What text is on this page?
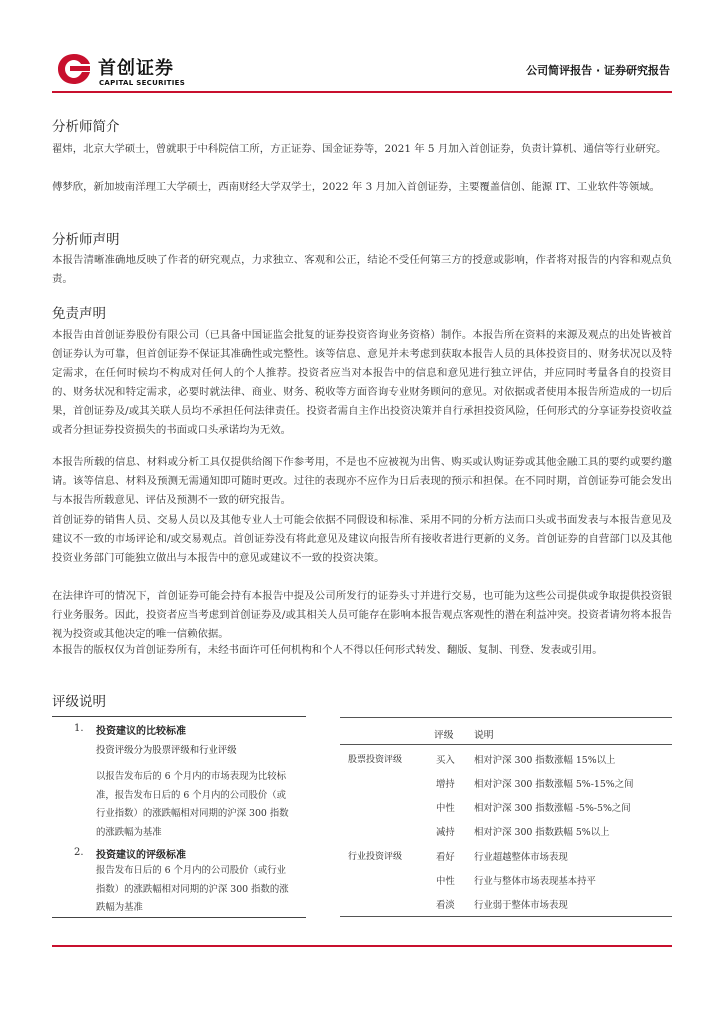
首创证券
CAPITAL SECURITIES
公司简评报告 · 证券研究报告
分析师简介

翟炜，北京大学硕士，曾就职于中科院信工所，方正证券、国金证券等，2021 年 5 月加入首创证券，负责计算机、通信等行业研究。

傅梦欣，新加坡南洋理工大学硕士，西南财经大学双学士，2022 年 3 月加入首创证券，主要覆盖信创、能源 IT、工业软件等领域。

分析师声明

本报告清晰准确地反映了作者的研究观点，力求独立、客观和公正，结论不受任何第三方的授意或影响，作者将对报告的内容和观点负责。

免责声明

本报告由首创证券股份有限公司（已具备中国证监会批复的证券投资咨询业务资格）制作。本报告所在资料的来源及观点的出处皆被首创证券认为可靠，但首创证券不保证其准确性或完整性。该等信息、意见并未考虑到获取本报告人员的具体投资目的、财务状况以及特定需求，在任何时候均不构成对任何人的个人推荐。投资者应当对本报告中的信息和意见进行独立评估，并应同时考量各自的投资目的、财务状况和特定需求，必要时就法律、商业、财务、税收等方面咨询专业财务顾问的意见。对依据或者使用本报告所造成的一切后果，首创证券及/或其关联人员均不承担任何法律责任。投资者需自主作出投资决策并自行承担投资风险，任何形式的分享证券投资收益或者分担证券投资损失的书面或口头承诺均为无效。

本报告所载的信息、材料或分析工具仅提供给阁下作参考用，不是也不应被视为出售、购买或认购证券或其他金融工具的要约或要约邀请。该等信息、材料及预测无需通知即可随时更改。过往的表现亦不应作为日后表现的预示和担保。在不同时期，首创证券可能会发出与本报告所载意见、评估及预测不一致的研究报告。

首创证券的销售人员、交易人员以及其他专业人士可能会依据不同假设和标准、采用不同的分析方法而口头或书面发表与本报告意见及建议不一致的市场评论和/或交易观点。首创证券没有将此意见及建议向报告所有接收者进行更新的义务。首创证券的自营部门以及其他投资业务部门可能独立做出与本报告中的意见或建议不一致的投资决策。

在法律许可的情况下，首创证券可能会持有本报告中提及公司所发行的证券头寸并进行交易，也可能为这些公司提供或争取提供投资银行业务服务。因此，投资者应当考虑到首创证券及/或其相关人员可能存在影响本报告观点客观性的潜在利益冲突。投资者请勿将本报告视为投资或其他决定的唯一信赖依据。

本报告的版权仅为首创证券所有，未经书面许可任何机构和个人不得以任何形式转发、翻版、复制、刊登、发表或引用。

评级说明
1. 投资建议的比较标准
投资评级分为股票评级和行业评级

以报告发布后的 6 个月内的市场表现为比较标准，报告发布日后的 6 个月内的公司股价（或行业指数）的涨跌幅相对同期的沪深 300 指数的涨跌幅为基准

2. 投资建议的评级标准

报告发布日后的 6 个月内的公司股价（或行业指数）的涨跌幅相对同期的沪深 300 指数的涨跌幅为基准

评级 说明
股票投资评级	买入 相对沪深 300 指数涨幅 15%以上
增持 相对沪深 300 指数涨幅 5%-15%之间
中性 相对沪深 300 指数涨幅 -5%-5%之间
减持 相对沪深 300 指数跌幅 5%以上
行业投资评级	看好 行业超越整体市场表现
中性 行业与整体市场表现基本持平
看淡 行业弱于整体市场表现
